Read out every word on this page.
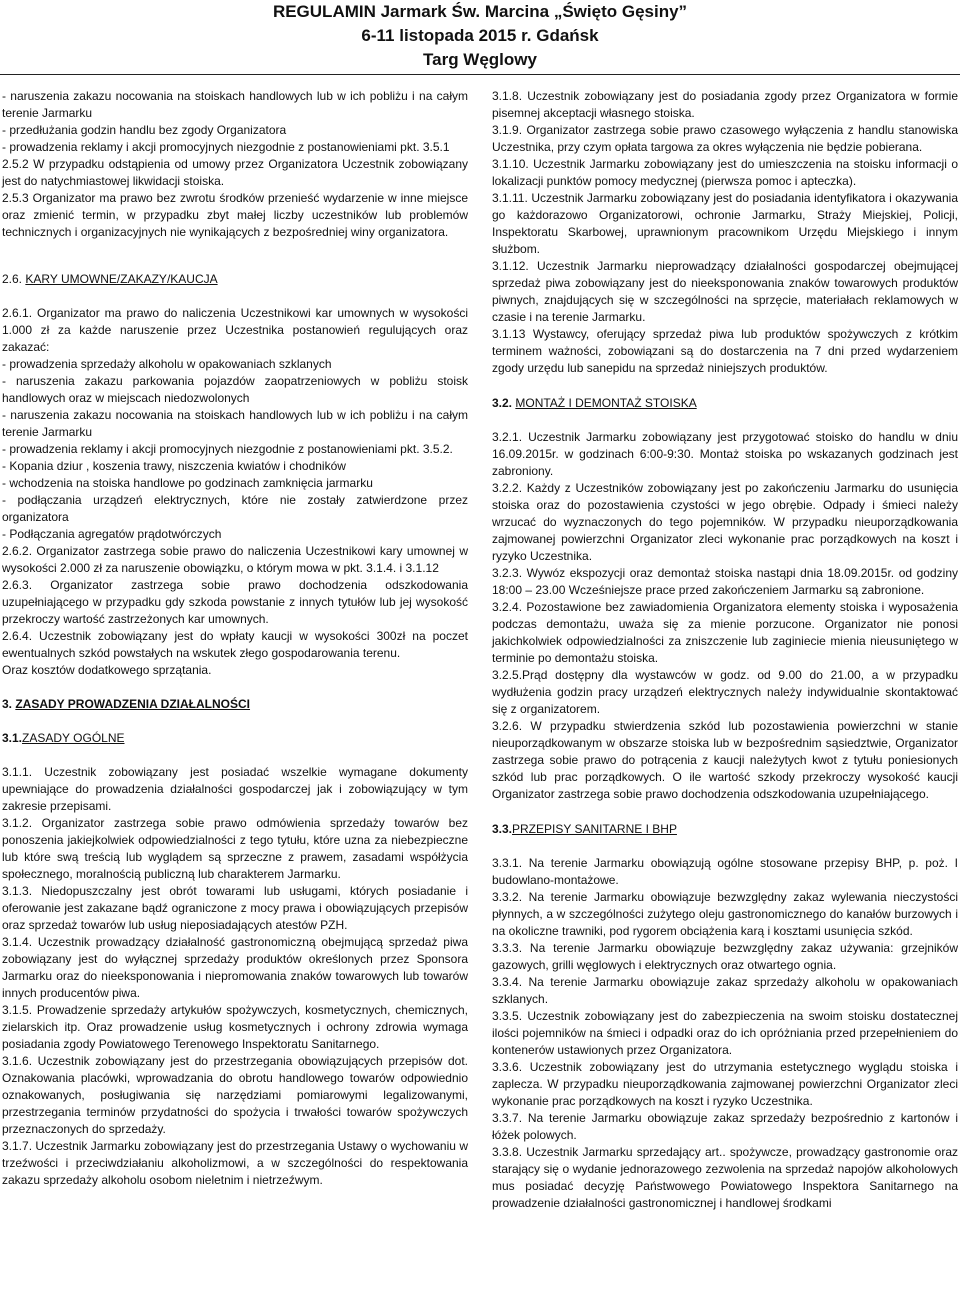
REGULAMIN Jarmark Św. Marcina „Święto Gęsiny”
6-11 listopada 2015 r. Gdańsk
Targ Węglowy

- naruszenia zakazu nocowania na stoiskach handlowych lub w ich pobliżu i na całym terenie Jarmarku

- przedłużania godzin handlu bez zgody Organizatora

- prowadzenia reklamy i akcji promocyjnych niezgodnie z postanowieniami pkt. 3.5.1

2.5.2 W przypadku odstąpienia od umowy przez Organizatora Uczestnik zobowiązany jest do natychmiastowej likwidacji stoiska.

2.5.3 Organizator ma prawo bez zwrotu środków przenieść wydarzenie w inne miejsce oraz zmienić termin, w przypadku zbyt małej liczby uczestników lub problemów technicznych i organizacyjnych nie wynikających z bezpośredniej winy organizatora.

2.6. KARY UMOWNE/ZAKAZY/KAUCJA

2.6.1. Organizator ma prawo do naliczenia Uczestnikowi kar umownych w wysokości 1.000 zł za każde naruszenie przez Uczestnika postanowień regulujących oraz zakazać:

- prowadzenia sprzedaży alkoholu w opakowaniach szklanych

- naruszenia zakazu parkowania pojazdów zaopatrzeniowych w pobliżu stoisk handlowych oraz w miejscach niedozwolonych

- naruszenia zakazu nocowania na stoiskach handlowych lub w ich pobliżu i na całym terenie Jarmarku

- prowadzenia reklamy i akcji promocyjnych niezgodnie z postanowieniami pkt. 3.5.2.

- Kopania dziur , koszenia trawy, niszczenia kwiatów i chodników

- wchodzenia na stoiska handlowe po godzinach zamknięcia jarmarku

- podłączania urządzeń elektrycznych, które nie zostały zatwierdzone przez organizatora

- Podłączania agregatów prądotwórczych

2.6.2. Organizator zastrzega sobie prawo do naliczenia Uczestnikowi kary umownej w wysokości 2.000 zł za naruszenie obowiązku, o którym mowa w pkt. 3.1.4. i 3.1.12

2.6.3. Organizator zastrzega sobie prawo dochodzenia odszkodowania uzupełniającego w przypadku gdy szkoda powstanie z innych tytułów lub jej wysokość przekroczy wartość zastrzeżonych kar umownych.

2.6.4. Uczestnik zobowiązany jest do wpłaty kaucji w wysokości 300zł na poczet ewentualnych szkód powstałych na wskutek złego gospodarowania terenu.

Oraz kosztów dodatkowego sprzątania.

3. ZASADY PROWADZENIA DZIAŁALNOŚCI

3.1.ZASADY OGÓLNE

3.1.1. Uczestnik zobowiązany jest posiadać wszelkie wymagane dokumenty upewniające do prowadzenia działalności gospodarczej jak i zobowiązujący w tym zakresie przepisami.

3.1.2. Organizator zastrzega sobie prawo odmówienia sprzedaży towarów bez ponoszenia jakiejkolwiek odpowiedzialności z tego tytułu, które uzna za niebezpieczne lub które swą treścią lub wyglądem są sprzeczne z prawem, zasadami współżycia społecznego, moralnością publiczną lub charakterem Jarmarku.

3.1.3. Niedopuszczalny jest obrót towarami lub usługami, których posiadanie i oferowanie jest zakazane bądź ograniczone z mocy prawa i obowiązujących przepisów oraz sprzedaż towarów lub usług nieposiadających atestów PZH.

3.1.4. Uczestnik prowadzący działalność gastronomiczną obejmującą sprzedaż piwa zobowiązany jest do wyłącznej sprzedaży produktów określonych przez Sponsora Jarmarku oraz do nieeksponowania i niepromowania znaków towarowych lub towarów innych producentów piwa.

3.1.5. Prowadzenie sprzedaży artykułów spożywczych, kosmetycznych, chemicznych, zielarskich itp. Oraz prowadzenie usług kosmetycznych i ochrony zdrowia wymaga posiadania zgody Powiatowego Terenowego Inspektoratu Sanitarnego.

3.1.6. Uczestnik zobowiązany jest do przestrzegania obowiązujących przepisów dot. Oznakowania placówki, wprowadzania do obrotu handlowego towarów odpowiednio oznakowanych, posługiwania się narzędziami pomiarowymi legalizowanymi, przestrzegania terminów przydatności do spożycia i trwałości towarów spożywczych przeznaczonych do sprzedaży.

3.1.7. Uczestnik Jarmarku zobowiązany jest do przestrzegania Ustawy o wychowaniu w trzeźwości i przeciwdziałaniu alkoholizmowi, a w szczególności do respektowania zakazu sprzedaży alkoholu osobom nieletnim i nietrzeźwym.

3.1.8. Uczestnik zobowiązany jest do posiadania zgody przez Organizatora w formie pisemnej akceptacji własnego stoiska.

3.1.9. Organizator zastrzega sobie prawo czasowego wyłączenia z handlu stanowiska Uczestnika, przy czym opłata targowa za okres wyłączenia nie będzie pobierana.

3.1.10. Uczestnik Jarmarku zobowiązany jest do umieszczenia na stoisku informacji o lokalizacji punktów pomocy medycznej (pierwsza pomoc i apteczka).

3.1.11. Uczestnik Jarmarku zobowiązany jest do posiadania identyfikatora i okazywania go każdorazowo Organizatorowi, ochronie Jarmarku, Straży Miejskiej, Policji, Inspektoratu Skarbowej, uprawnionym pracownikom Urzędu Miejskiego i innym służbom.

3.1.12. Uczestnik Jarmarku nieprowadzący działalności gospodarczej obejmującej sprzedaż piwa zobowiązany jest do nieeksponowania znaków towarowych produktów piwnych, znajdujących się w szczególności na sprzęcie, materiałach reklamowych w czasie i na terenie Jarmarku.

3.1.13 Wystawcy, oferujący sprzedaż piwa lub produktów spożywczych z krótkim terminem ważności, zobowiązani są do dostarczenia na 7 dni przed wydarzeniem zgody urzędu lub sanepidu na sprzedaż niniejszych produktów.

3.2. MONTAŻ I DEMONTAŻ STOISKA

3.2.1. Uczestnik Jarmarku zobowiązany jest przygotować stoisko do handlu w dniu 16.09.2015r. w godzinach 6:00-9:30. Montaż stoiska po wskazanych godzinach jest zabroniony.

3.2.2. Każdy z Uczestników zobowiązany jest po zakończeniu Jarmarku do usunięcia stoiska oraz do pozostawienia czystości w jego obrębie. Odpady i śmieci należy wrzucać do wyznaczonych do tego pojemników. W przypadku nieuporządkowania zajmowanej powierzchni Organizator zleci wykonanie prac porządkowych na koszt i ryzyko Uczestnika.

3.2.3. Wywóz ekspozycji oraz demontaż stoiska nastąpi dnia 18.09.2015r. od godziny 18:00 – 23.00 Wcześniejsze prace przed zakończeniem Jarmarku są zabronione.

3.2.4. Pozostawione bez zawiadomienia Organizatora elementy stoiska i wyposażenia podczas demontażu, uważa się za mienie porzucone. Organizator nie ponosi jakichkolwiek odpowiedzialności za zniszczenie lub zaginiecie mienia nieusuniętego w terminie po demontażu stoiska.

3.2.5.Prąd dostępny dla wystawców w godz. od 9.00 do 21.00, a w przypadku wydłużenia godzin pracy urządzeń elektrycznych należy indywidualnie skontaktować się z organizatorem.

3.2.6. W przypadku stwierdzenia szkód lub pozostawienia powierzchni w stanie nieuporządkowanym w obszarze stoiska lub w bezpośrednim sąsiedztwie, Organizator zastrzega sobie prawo do potrącenia z kaucji należytych kwot z tytułu poniesionych szkód lub prac porządkowych. O ile wartość szkody przekroczy wysokość kaucji Organizator zastrzega sobie prawo dochodzenia odszkodowania uzupełniającego.

3.3.PRZEPISY SANITARNE I BHP

3.3.1. Na terenie Jarmarku obowiązują ogólne stosowane przepisy BHP, p. poż. I budowlano-montażowe.

3.3.2. Na terenie Jarmarku obowiązuje bezwzględny zakaz wylewania nieczystości płynnych, a w szczególności zużytego oleju gastronomicznego do kanałów burzowych i na okoliczne trawniki, pod rygorem obciążenia karą i kosztami usunięcia szkód.

3.3.3. Na terenie Jarmarku obowiązuje bezwzględny zakaz używania: grzejników gazowych, grilli węglowych i elektrycznych oraz otwartego ognia.

3.3.4. Na terenie Jarmarku obowiązuje zakaz sprzedaży alkoholu w opakowaniach szklanych.

3.3.5. Uczestnik zobowiązany jest do zabezpieczenia na swoim stoisku dostatecznej ilości pojemników na śmieci i odpadki oraz do ich opróżniania przed przepełnieniem do kontenerów ustawionych przez Organizatora.

3.3.6. Uczestnik zobowiązany jest do utrzymania estetycznego wyglądu stoiska i zaplecza. W przypadku nieuporządkowania zajmowanej powierzchni Organizator zleci wykonanie prac porządkowych na koszt i ryzyko Uczestnika.

3.3.7. Na terenie Jarmarku obowiązuje zakaz sprzedaży bezpośrednio z kartonów i łóżek polowych.

3.3.8. Uczestnik Jarmarku sprzedający art.. spożywcze, prowadzący gastronomie oraz starający się o wydanie jednorazowego zezwolenia na sprzedaż napojów alkoholowych mus posiadać decyzję Państwowego Powiatowego Inspektora Sanitarnego na prowadzenie działalności gastronomicznej i handlowej środkami
